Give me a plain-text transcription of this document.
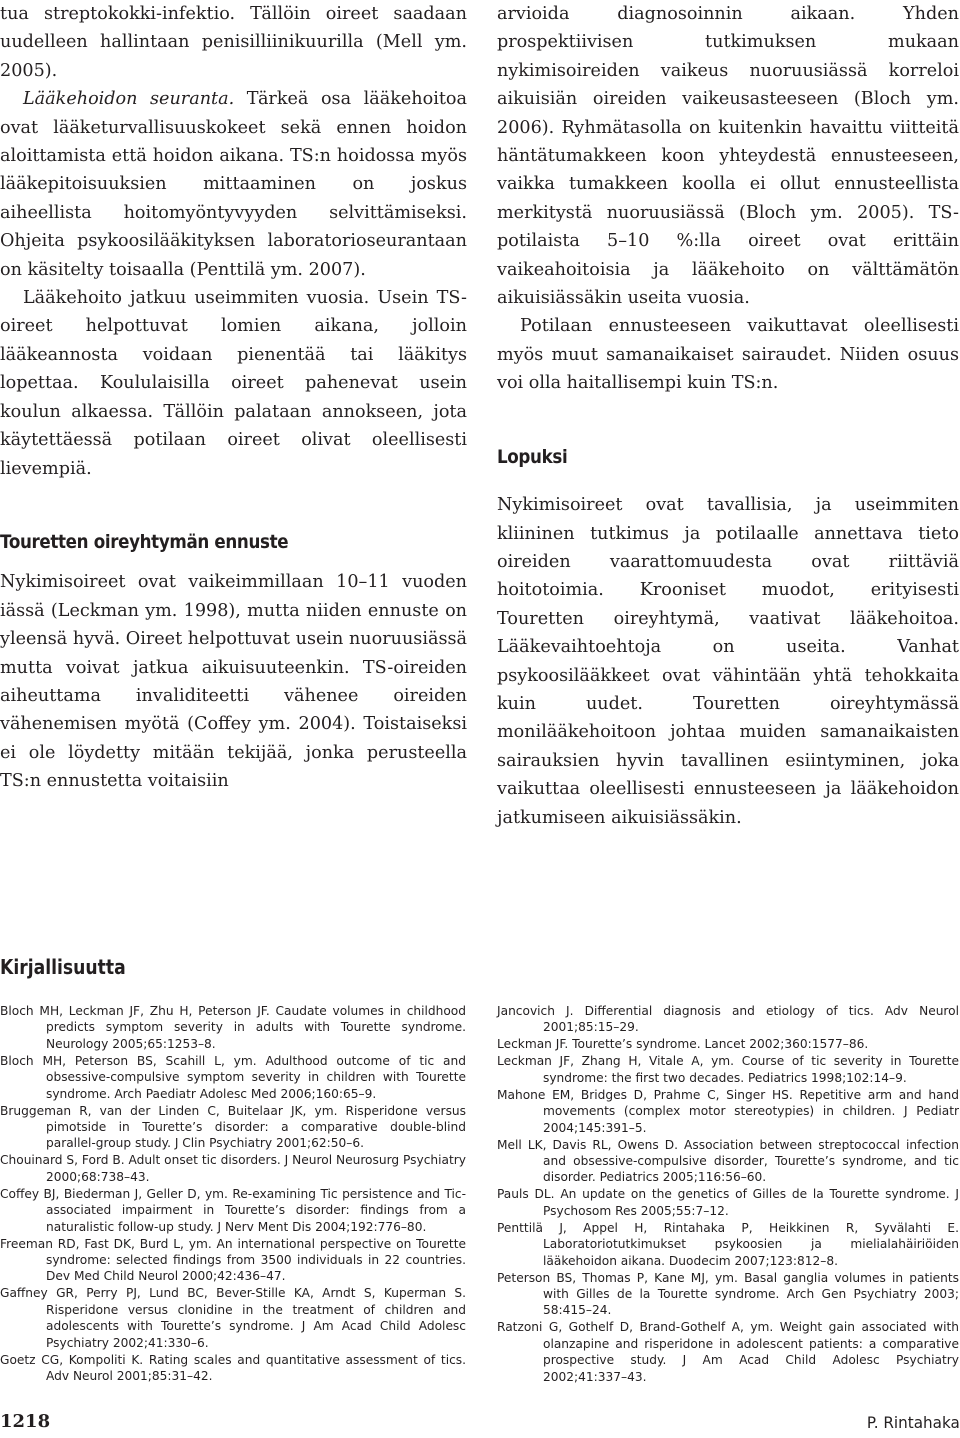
tua streptokokki-infektio. Tällöin oireet saadaan uudelleen hallintaan penisilliinikuurilla (Mell ym. 2005).

Lääkehoidon seuranta. Tärkeä osa lääkehoitoa ovat lääketurvallisuuskokeet sekä ennen hoidon aloittamista että hoidon aikana. TS:n hoidossa myös lääkepitoisuuksien mittaaminen on joskus aiheellista hoitomyöntyvyyden selvittämiseksi. Ohjeita psykoosilääkityksen laboratorioseurantaan on käsitelty toisaalla (Penttilä ym. 2007).

Lääkehoito jatkuu useimmiten vuosia. Usein TS-oireet helpottuvat lomien aikana, jolloin lääkeannosta voidaan pienentää tai lääkitys lopettaa. Koululaisilla oireet pahenevat usein koulun alkaessa. Tällöin palataan annokseen, jota käytettäessä potilaan oireet olivat oleellisesti lievempiä.

Touretten oireyhtymän ennuste

Nykimisoireet ovat vaikeimmillaan 10–11 vuoden iässä (Leckman ym. 1998), mutta niiden ennuste on yleensä hyvä. Oireet helpottuvat usein nuoruusiässä mutta voivat jatkua aikuisuuteenkin. TS-oireiden aiheuttama invaliditeetti vähenee oireiden vähenemisen myötä (Coffey ym. 2004). Toistaiseksi ei ole löydetty mitään tekijää, jonka perusteella TS:n ennustetta voitaisiin

arvioida diagnosoinnin aikaan. Yhden prospektiivisen tutkimuksen mukaan nykimisoireiden vaikeus nuoruusiässä korreloi aikuisiän oireiden vaikeusasteeseen (Bloch ym. 2006). Ryhmätasolla on kuitenkin havaittu viitteitä häntätumakkeen koon yhteydestä ennusteeseen, vaikka tumakkeen koolla ei ollut ennusteellista merkitystä nuoruusiässä (Bloch ym. 2005). TS-potilaista 5–10 %:lla oireet ovat erittäin vaikeahoitoisia ja lääkehoito on välttämätön aikuisiässäkin useita vuosia.

Potilaan ennusteeseen vaikuttavat oleellisesti myös muut samanaikaiset sairaudet. Niiden osuus voi olla haitallisempi kuin TS:n.

Lopuksi

Nykimisoireet ovat tavallisia, ja useimmiten kliininen tutkimus ja potilaalle annettava tieto oireiden vaarattomuudesta ovat riittäviä hoitotoimia. Krooniset muodot, erityisesti Touretten oireyhtymä, vaativat lääkehoitoa. Lääkevaihtoehtoja on useita. Vanhat psykoosilääkkeet ovat vähintään yhtä tehokkaita kuin uudet. Touretten oireyhtymässä monilääkehoitoon johtaa muiden samanaikaisten sairauksien hyvin tavallinen esiintyminen, joka vaikuttaa oleellisesti ennusteeseen ja lääkehoidon jatkumiseen aikuisiässäkin.

Kirjallisuutta

Bloch MH, Leckman JF, Zhu H, Peterson JF. Caudate volumes in childhood predicts symptom severity in adults with Tourette syndrome. Neurology 2005;65:1253–8.

Bloch MH, Peterson BS, Scahill L, ym. Adulthood outcome of tic and obsessive-compulsive symptom severity in children with Tourette syndrome. Arch Paediatr Adolesc Med 2006;160:65–9.

Bruggeman R, van der Linden C, Buitelaar JK, ym. Risperidone versus pimotside in Tourette’s disorder: a comparative double-blind parallel-group study. J Clin Psychiatry 2001;62:50–6.

Chouinard S, Ford B. Adult onset tic disorders. J Neurol Neurosurg Psychiatry 2000;68:738–43.

Coffey BJ, Biederman J, Geller D, ym. Re-examining Tic persistence and Tic-associated impairment in Tourette’s disorder: findings from a naturalistic follow-up study. J Nerv Ment Dis 2004;192:776–80.

Freeman RD, Fast DK, Burd L, ym. An international perspective on Tourette syndrome: selected findings from 3500 individuals in 22 countries. Dev Med Child Neurol 2000;42:436–47.

Gaffney GR, Perry PJ, Lund BC, Bever-Stille KA, Arndt S, Kuperman S. Risperidone versus clonidine in the treatment of children and adolescents with Tourette’s syndrome. J Am Acad Child Adolesc Psychiatry 2002;41:330–6.

Goetz CG, Kompoliti K. Rating scales and quantitative assessment of tics. Adv Neurol 2001;85:31–42.

Jancovich J. Differential diagnosis and etiology of tics. Adv Neurol 2001;85:15–29.

Leckman JF. Tourette’s syndrome. Lancet 2002;360:1577–86.

Leckman JF, Zhang H, Vitale A, ym. Course of tic severity in Tourette syndrome: the first two decades. Pediatrics 1998;102:14–9.

Mahone EM, Bridges D, Prahme C, Singer HS. Repetitive arm and hand movements (complex motor stereotypies) in children. J Pediatr 2004;145:391–5.

Mell LK, Davis RL, Owens D. Association between streptococcal infection and obsessive-compulsive disorder, Tourette’s syndrome, and tic disorder. Pediatrics 2005;116:56–60.

Pauls DL. An update on the genetics of Gilles de la Tourette syndrome. J Psychosom Res 2005;55:7–12.

Penttilä J, Appel H, Rintahaka P, Heikkinen R, Syvälahti E. Laboratoriotutkimukset psykoosien ja mielialahäiriöiden lääkehoidon aikana. Duodecim 2007;123:812–8.

Peterson BS, Thomas P, Kane MJ, ym. Basal ganglia volumes in patients with Gilles de la Tourette syndrome. Arch Gen Psychiatry 2003; 58:415–24.

Ratzoni G, Gothelf D, Brand-Gothelf A, ym. Weight gain associated with olanzapine and risperidone in adolescent patients: a comparative prospective study. J Am Acad Child Adolesc Psychiatry 2002;41:337–43.

1218	P. Rintahaka
